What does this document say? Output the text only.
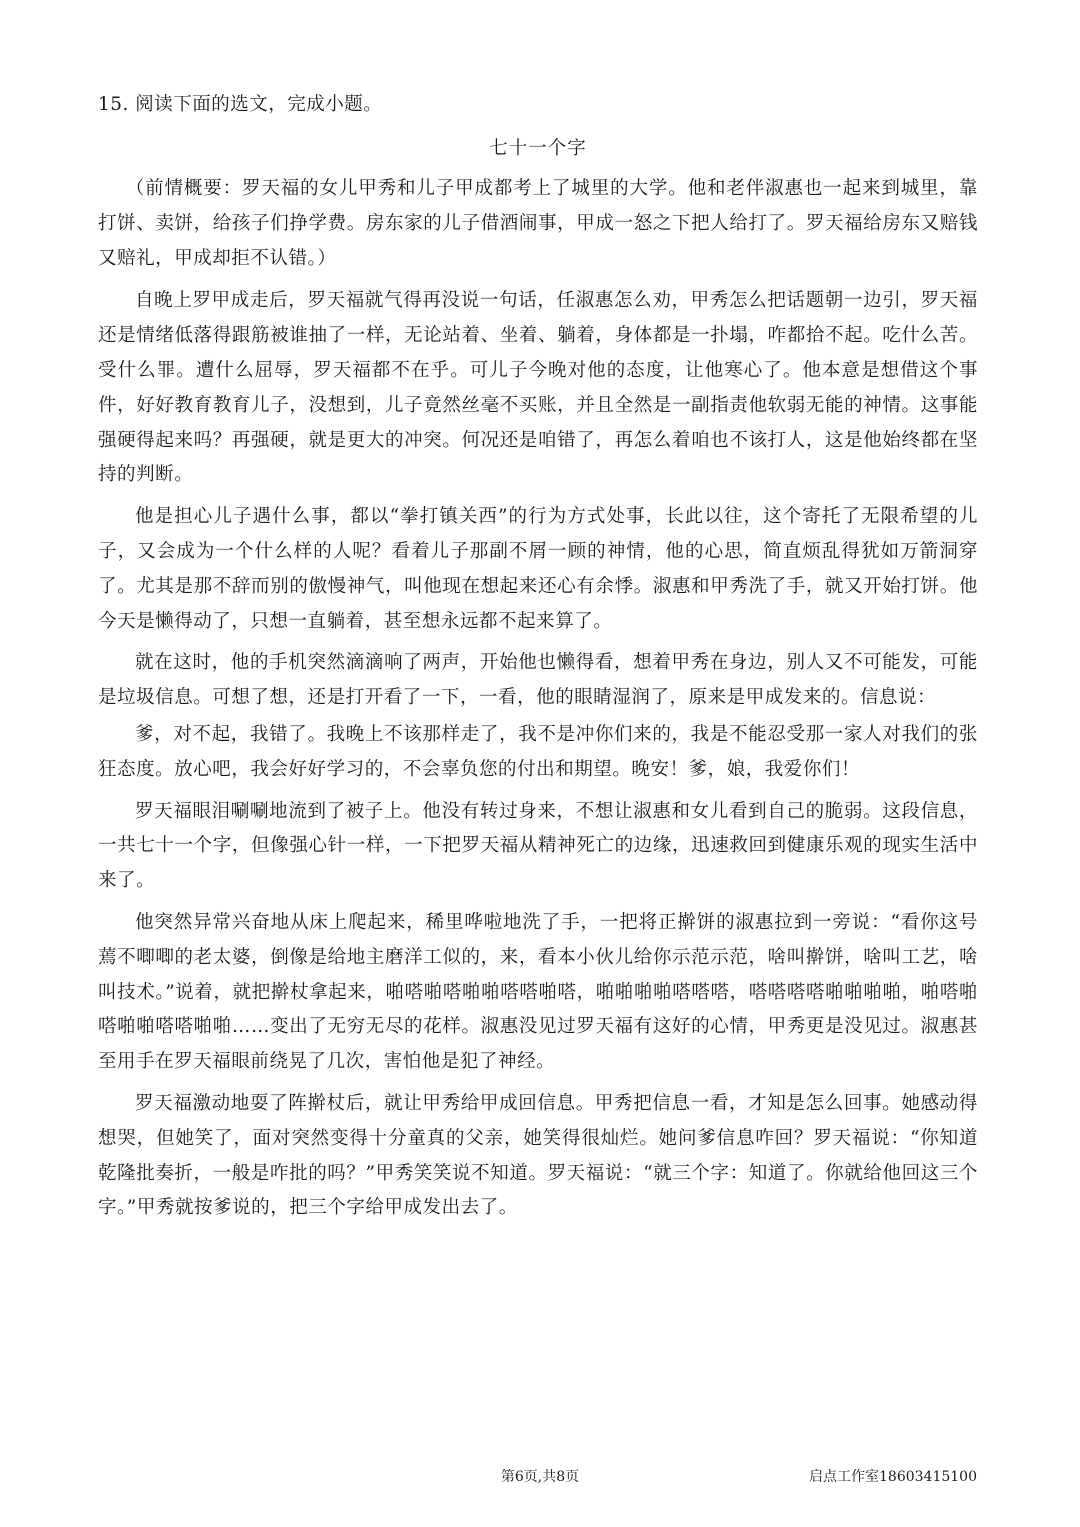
15. 阅读下面的选文，完成小题。

七十一个字

（前情概要：罗天福的女儿甲秀和儿子甲成都考上了城里的大学。他和老伴淑惠也一起来到城里，靠打饼、卖饼，给孩子们挣学费。房东家的儿子借酒闹事，甲成一怒之下把人给打了。罗天福给房东又赔钱又赔礼，甲成却拒不认错。）

自晚上罗甲成走后，罗天福就气得再没说一句话，任淑惠怎么劝，甲秀怎么把话题朝一边引，罗天福还是情绪低落得跟筋被谁抽了一样，无论站着、坐着、躺着，身体都是一扑塌，咋都拾不起。吃什么苦。受什么罪。遭什么屈辱，罗天福都不在乎。可儿子今晚对他的态度，让他寒心了。他本意是想借这个事件，好好教育教育儿子，没想到，儿子竟然丝毫不买账，并且全然是一副指责他软弱无能的神情。这事能强硬得起来吗？再强硬，就是更大的冲突。何况还是咱错了，再怎么着咱也不该打人，这是他始终都在坚持的判断。

他是担心儿子遇什么事，都以“拳打镇关西”的行为方式处事，长此以往，这个寄托了无限希望的儿子，又会成为一个什么样的人呢？看着儿子那副不屑一顾的神情，他的心思，简直烦乱得犹如万箭洞穿了。尤其是那不辞而别的傲慢神气，叫他现在想起来还心有余悸。淑惠和甲秀洗了手，就又开始打饼。他今天是懒得动了，只想一直躺着，甚至想永远都不起来算了。

就在这时，他的手机突然滴滴响了两声，开始他也懒得看，想着甲秀在身边，别人又不可能发，可能是垃圾信息。可想了想，还是打开看了一下，一看，他的眼睛湿润了，原来是甲成发来的。信息说：

爹，对不起，我错了。我晚上不该那样走了，我不是冲你们来的，我是不能忍受那一家人对我们的张狂态度。放心吧，我会好好学习的，不会辜负您的付出和期望。晚安！爹，娘，我爱你们！

罗天福眼泪唰唰地流到了被子上。他没有转过身来，不想让淑惠和女儿看到自己的脆弱。这段信息，一共七十一个字，但像强心针一样，一下把罗天福从精神死亡的边缘，迅速救回到健康乐观的现实生活中来了。

他突然异常兴奋地从床上爬起来，稀里哗啦地洗了手，一把将正擀饼的淑惠拉到一旁说：“看你这号蔫不唧唧的老太婆，倒像是给地主磨洋工似的，来，看本小伙儿给你示范示范，啥叫擀饼，啥叫工艺，啥叫技术。”说着，就把擀杖拿起来，啪嗒啪嗒啪啪嗒嗒啪嗒，啪啪啪啪嗒嗒嗒，嗒嗒嗒嗒啪啪啪啪，啪嗒啪嗒啪啪嗒嗒啪啪……变出了无穷无尽的花样。淑惠没见过罗天福有这好的心情，甲秀更是没见过。淑惠甚至用手在罗天福眼前绕晃了几次，害怕他是犯了神经。

罗天福激动地耍了阵擀杖后，就让甲秀给甲成回信息。甲秀把信息一看，才知是怎么回事。她感动得想哭，但她笑了，面对突然变得十分童真的父亲，她笑得很灿烂。她问爹信息咋回？罗天福说：“你知道乾隆批奏折，一般是咋批的吗？”甲秀笑笑说不知道。罗天福说：“就三个字：知道了。你就给他回这三个字。”甲秀就按爹说的，把三个字给甲成发出去了。

第6页,共8页	启点工作室18603415100
